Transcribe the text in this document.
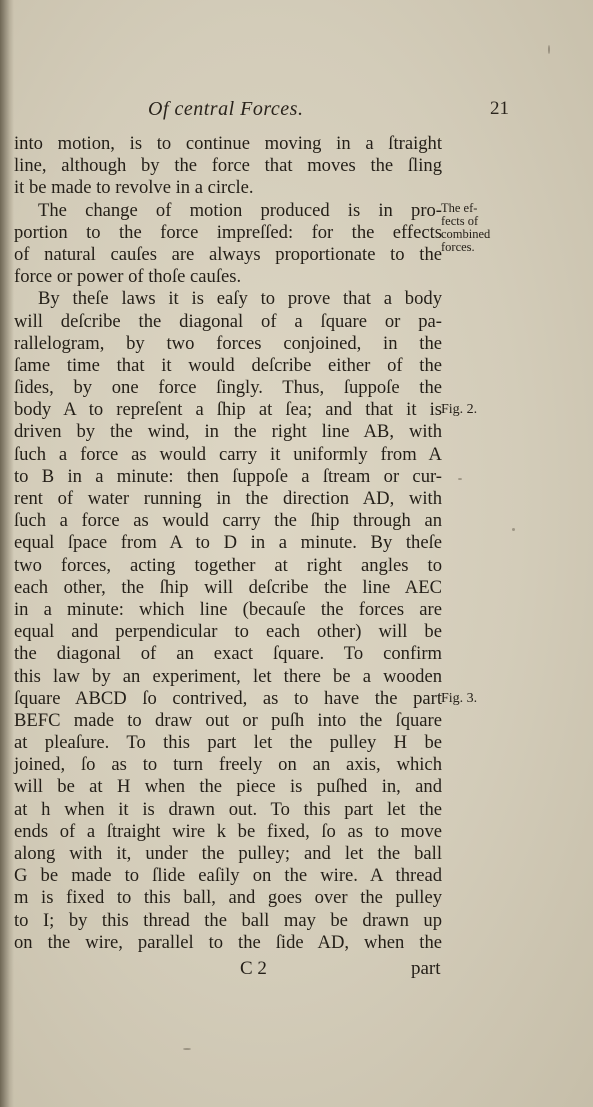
Of central Forces.	21
into motion, is to continue moving in a ſtraight
line, although by the force that moves the ſling
it be made to revolve in a circle.
The change of motion produced is in pro-
portion to the force impreſſed: for the effects
of natural cauſes are always proportionate to the
force or power of thoſe cauſes.
By theſe laws it is eaſy to prove that a body
will deſcribe the diagonal of a ſquare or pa-
rallelogram, by two forces conjoined, in the
ſame time that it would deſcribe either of the
ſides, by one force ſingly. Thus, ſuppoſe the
body A to repreſent a ſhip at ſea; and that it is
driven by the wind, in the right line AB, with
ſuch a force as would carry it uniformly from A
to B in a minute: then ſuppoſe a ſtream or cur-
rent of water running in the direction AD, with
ſuch a force as would carry the ſhip through an
equal ſpace from A to D in a minute. By theſe
two forces, acting together at right angles to
each other, the ſhip will deſcribe the line AEC
in a minute: which line (becauſe the forces are
equal and perpendicular to each other) will be
the diagonal of an exact ſquare. To confirm
this law by an experiment, let there be a wooden
ſquare ABCD ſo contrived, as to have the part
BEFC made to draw out or puſh into the ſquare
at pleaſure. To this part let the pulley H be
joined, ſo as to turn freely on an axis, which
will be at H when the piece is puſhed in, and
at h when it is drawn out. To this part let the
ends of a ſtraight wire k be fixed, ſo as to move
along with it, under the pulley; and let the ball
G be made to ſlide eaſily on the wire. A thread
m is fixed to this ball, and goes over the pulley
to I; by this thread the ball may be drawn up
on the wire, parallel to the ſide AD, when the
The ef-
fects of
combined
forces.
Fig. 2.
Fig. 3.
C 2	part
